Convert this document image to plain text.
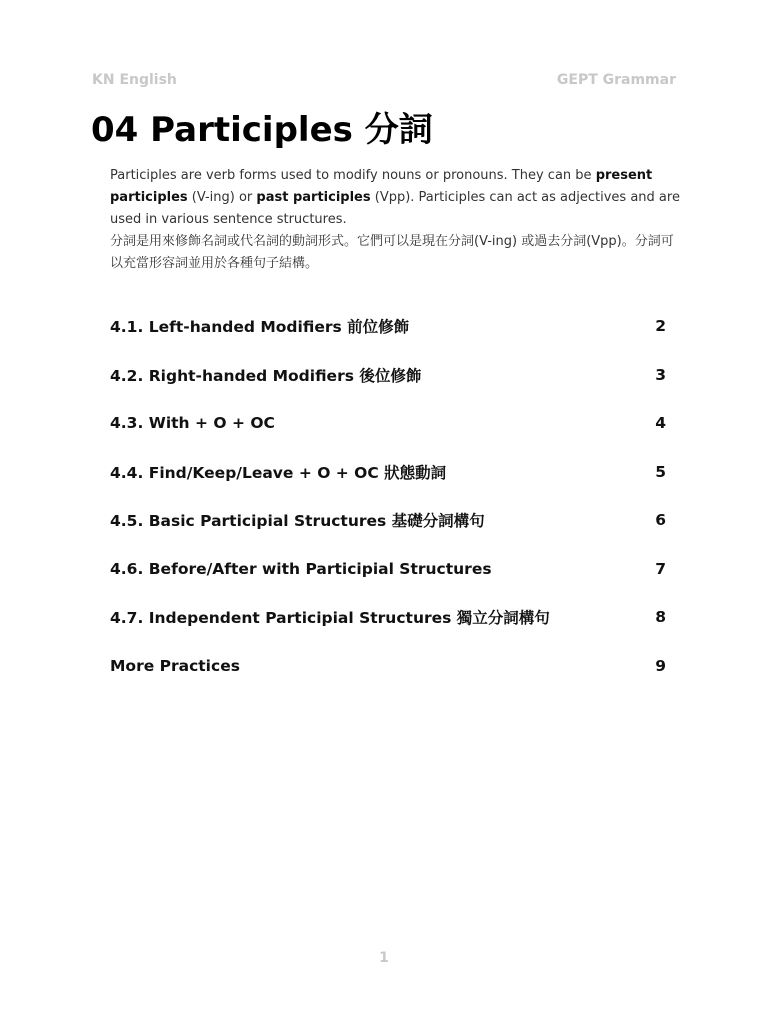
KN English	GEPT Grammar
04 Participles 分詞

Participles are verb forms used to modify nouns or pronouns. They can be present participles (V-ing) or past participles (Vpp). Participles can act as adjectives and are used in various sentence structures.

分詞是用來修飾名詞或代名詞的動詞形式。它們可以是現在分詞(V-ing) 或過去分詞(Vpp)。分詞可以充當形容詞並用於各種句子結構。

4.1. Left-handed Modifiers 前位修飾	2
4.2. Right-handed Modifiers 後位修飾	3
4.3. With + O + OC	4
4.4. Find/Keep/Leave + O + OC 狀態動詞	5
4.5. Basic Participial Structures 基礎分詞構句	6
4.6. Before/After with Participial Structures	7
4.7. Independent Participial Structures 獨立分詞構句	8
More Practices	9
1
